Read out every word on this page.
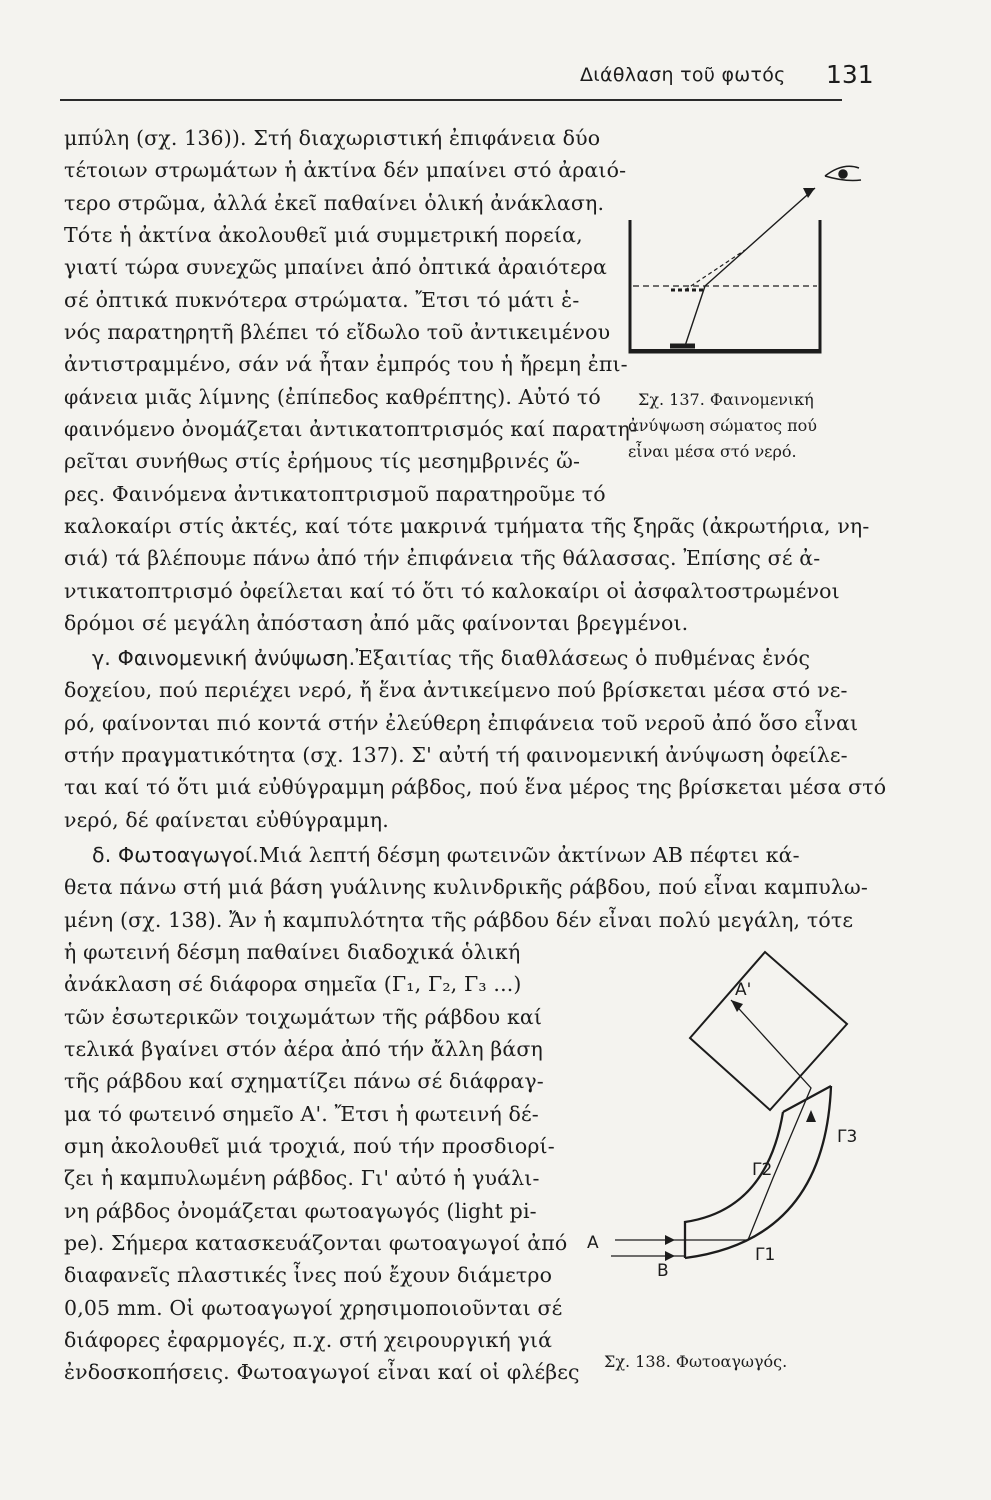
Διάθλαση τοῦ φωτός 131
μπύλη (σχ. 136)). Στή διαχωριστική ἐπιφάνεια δύο
τέτοιων στρωμάτων ἡ ἀκτίνα δέν μπαίνει στό ἀραιό-
τερο στρῶμα, ἀλλά ἐκεῖ παθαίνει ὁλική ἀνάκλαση.
Τότε ἡ ἀκτίνα ἀκολουθεῖ μιά συμμετρική πορεία,
γιατί τώρα συνεχῶς μπαίνει ἀπό ὀπτικά ἀραιότερα
σέ ὀπτικά πυκνότερα στρώματα. Ἔτσι τό μάτι ἑ-
νός παρατηρητῆ βλέπει τό εἴδωλο τοῦ ἀντικειμένου
ἀντιστραμμένο, σάν νά ἦταν ἐμπρός του ἡ ἤρεμη ἐπι-
φάνεια μιᾶς λίμνης (ἐπίπεδος καθρέπτης). Αὐτό τό
φαινόμενο ὀνομάζεται ἀντικατοπτρισμός καί παρατη-
ρεῖται συνήθως στίς ἐρήμους τίς μεσημβρινές ὥ-
ρες. Φαινόμενα ἀντικατοπτρισμοῦ παρατηροῦμε τό
καλοκαίρι στίς ἀκτές, καί τότε μακρινά τμήματα τῆς ξηρᾶς (ἀκρωτήρια, νη-
σιά) τά βλέπουμε πάνω ἀπό τήν ἐπιφάνεια τῆς θάλασσας. Ἐπίσης σέ ἀ-
ντικατοπτρισμό ὀφείλεται καί τό ὅτι τό καλοκαίρι οἱ ἀσφαλτοστρωμένοι
δρόμοι σέ μεγάλη ἀπόσταση ἀπό μᾶς φαίνονται βρεγμένοι.
γ. Φαινομενική ἀνύψωση.Ἐξαιτίας τῆς διαθλάσεως ὁ πυθμένας ἑνός
δοχείου, πού περιέχει νερό, ἤ ἕνα ἀντικείμενο πού βρίσκεται μέσα στό νε-
ρό, φαίνονται πιό κοντά στήν ἐλεύθερη ἐπιφάνεια τοῦ νεροῦ ἀπό ὅσο εἶναι
στήν πραγματικότητα (σχ. 137). Σ' αὐτή τή φαινομενική ἀνύψωση ὀφείλε-
ται καί τό ὅτι μιά εὐθύγραμμη ράβδος, πού ἕνα μέρος της βρίσκεται μέσα στό
νερό, δέ φαίνεται εὐθύγραμμη.
δ. Φωτοαγωγοί.Μιά λεπτή δέσμη φωτεινῶν ἀκτίνων ΑΒ πέφτει κά-
θετα πάνω στή μιά βάση γυάλινης κυλινδρικῆς ράβδου, πού εἶναι καμπυλω-
μένη (σχ. 138). Ἄν ἡ καμπυλότητα τῆς ράβδου δέν εἶναι πολύ μεγάλη, τότε
ἡ φωτεινή δέσμη παθαίνει διαδοχικά ὁλική
ἀνάκλαση σέ διάφορα σημεῖα (Γ₁, Γ₂, Γ₃ ...)
τῶν ἐσωτερικῶν τοιχωμάτων τῆς ράβδου καί
τελικά βγαίνει στόν ἀέρα ἀπό τήν ἄλλη βάση
τῆς ράβδου καί σχηματίζει πάνω σέ διάφραγ-
μα τό φωτεινό σημεῖο Α'. Ἔτσι ἡ φωτεινή δέ-
σμη ἀκολουθεῖ μιά τροχιά, πού τήν προσδιορί-
ζει ἡ καμπυλωμένη ράβδος. Γι' αὐτό ἡ γυάλι-
νη ράβδος ὀνομάζεται φωτοαγωγός (light pi-
pe). Σήμερα κατασκευάζονται φωτοαγωγοί ἀπό
διαφανεῖς πλαστικές ἶνες πού ἔχουν διάμετρο
0,05 mm. Οἱ φωτοαγωγοί χρησιμοποιοῦνται σέ
διάφορες ἐφαρμογές, π.χ. στή χειρουργική γιά
ἐνδοσκοπήσεις. Φωτοαγωγοί εἶναι καί οἱ φλέβες
Σχ. 137. Φαινομενική
ἀνύψωση σώματος πού
εἶναι μέσα στό νερό.
Α'
Γ3
Γ2
Γ1
Α
Β
Σχ. 138. Φωτοαγωγός.
